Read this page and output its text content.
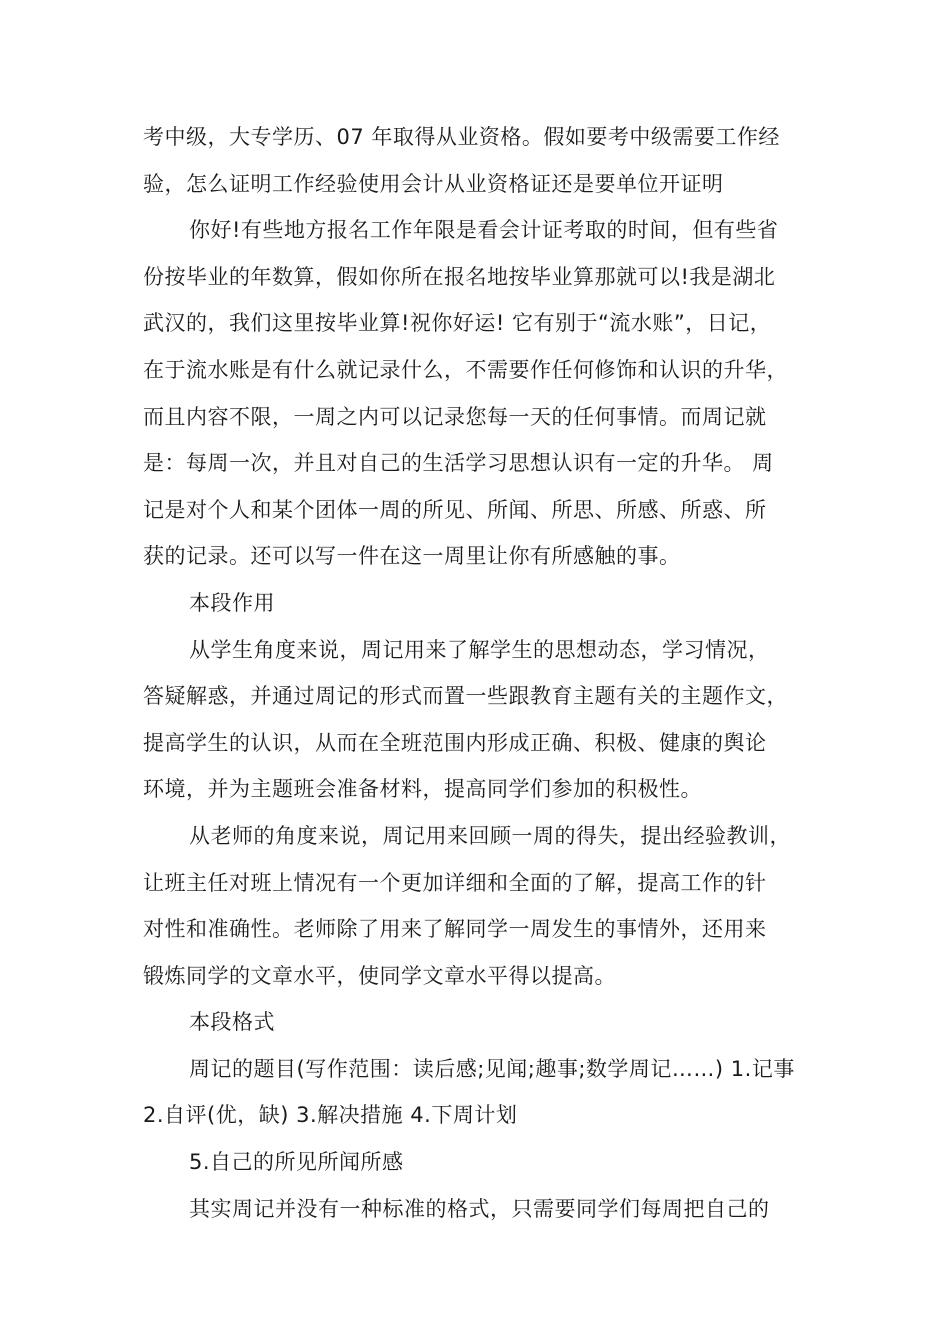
考中级，大专学历、07 年取得从业资格。假如要考中级需要工作经
验，怎么证明工作经验使用会计从业资格证还是要单位开证明
你好!有些地方报名工作年限是看会计证考取的时间，但有些省
份按毕业的年数算，假如你所在报名地按毕业算那就可以!我是湖北
武汉的，我们这里按毕业算!祝你好运! 它有别于“流水账”，日记，
在于流水账是有什么就记录什么，不需要作任何修饰和认识的升华，
而且内容不限，一周之内可以记录您每一天的任何事情。而周记就
是：每周一次，并且对自己的生活学习思想认识有一定的升华。 周
记是对个人和某个团体一周的所见、所闻、所思、所感、所惑、所
获的记录。还可以写一件在这一周里让你有所感触的事。
本段作用
从学生角度来说，周记用来了解学生的思想动态，学习情况，
答疑解惑，并通过周记的形式而置一些跟教育主题有关的主题作文，
提高学生的认识，从而在全班范围内形成正确、积极、健康的舆论
环境，并为主题班会准备材料，提高同学们参加的积极性。
从老师的角度来说，周记用来回顾一周的得失，提出经验教训，
让班主任对班上情况有一个更加详细和全面的了解，提高工作的针
对性和准确性。老师除了用来了解同学一周发生的事情外，还用来
锻炼同学的文章水平，使同学文章水平得以提高。
本段格式
周记的题目(写作范围：读后感;见闻;趣事;数学周记……) 1.记事
2.自评(优，缺) 3.解决措施 4.下周计划
5.自己的所见所闻所感
其实周记并没有一种标准的格式，只需要同学们每周把自己的
